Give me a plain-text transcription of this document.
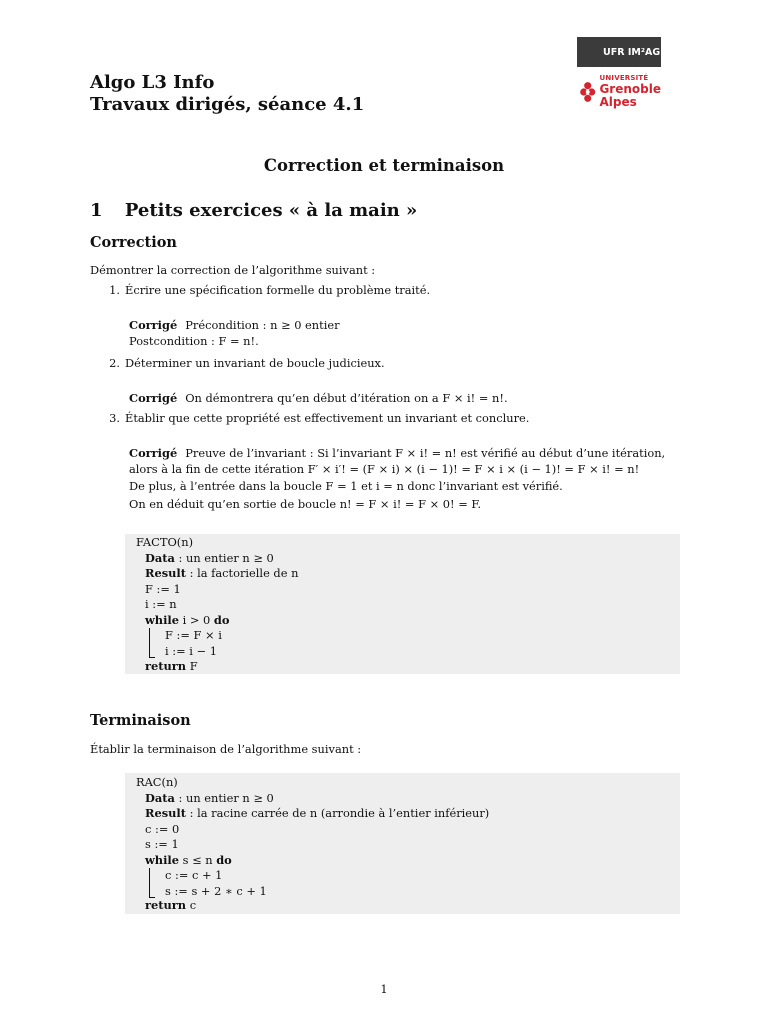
Algo L3 Info
Travaux dirigés, séance 4.1
UFR IM²AG
UNIVERSITÉ
Grenoble
Alpes
Correction et terminaison
1 Petits exercices « à la main »
Correction
Démontrer la correction de l’algorithme suivant :
1. Écrire une spécification formelle du problème traité.
Corrigé Précondition : n ≥ 0 entier
Postcondition : F = n!.
2. Déterminer un invariant de boucle judicieux.
Corrigé On démontrera qu’en début d’itération on a F × i! = n!.
3. Établir que cette propriété est effectivement un invariant et conclure.
Corrigé Preuve de l’invariant : Si l’invariant F × i! = n! est vérifié au début d’une itération,
alors à la fin de cette itération F′ × i′! = (F × i) × (i − 1)! = F × i × (i − 1)! = F × i! = n!
De plus, à l’entrée dans la boucle F = 1 et i = n donc l’invariant est vérifié.
On en déduit qu’en sortie de boucle n! = F × i! = F × 0! = F.
FACTO(n)
Data : un entier n ≥ 0
Result : la factorielle de n
F := 1
i := n
while i > 0 do
F := F × i
i := i − 1
return F
Terminaison
Établir la terminaison de l’algorithme suivant :
RAC(n)
Data : un entier n ≥ 0
Result : la racine carrée de n (arrondie à l’entier inférieur)
c := 0
s := 1
while s ≤ n do
c := c + 1
s := s + 2 ∗ c + 1
return c
1
